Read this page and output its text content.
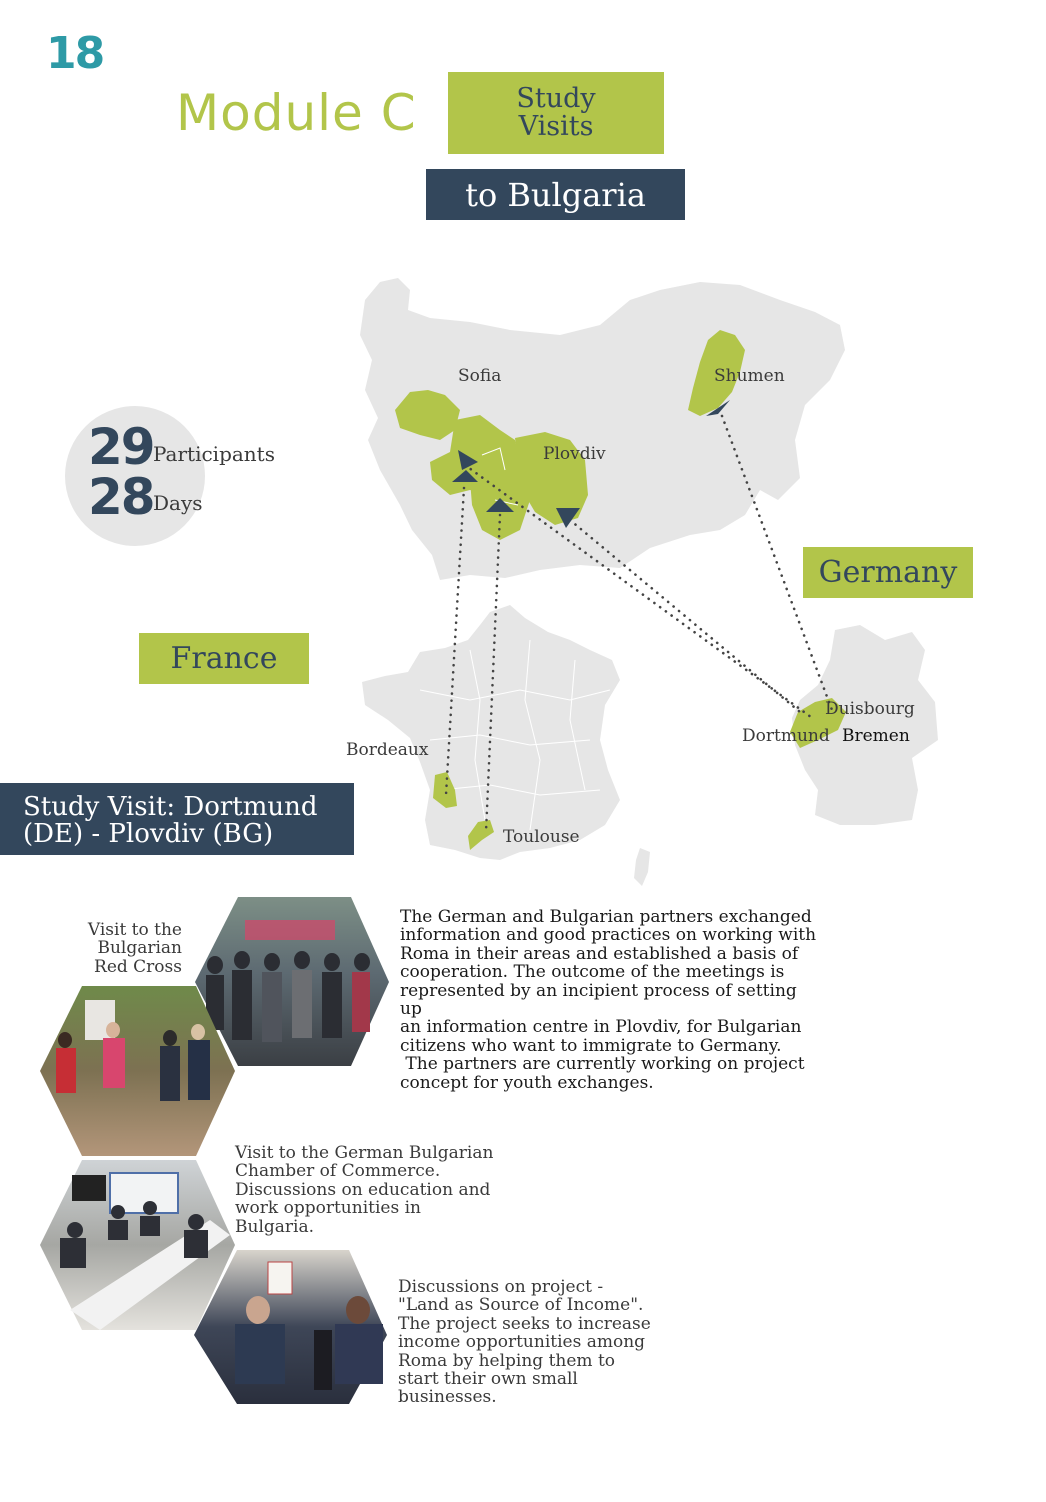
18
Module C	Study
Visits
to Bulgaria
Sofia	Shumen
Plovdiv
Bordeaux
Toulouse
Duisbourg
Dortmund Bremen
Germany
France
29 Participants
28 Days
Study Visit: Dortmund
(DE) - Plovdiv (BG)
Visit to the
Bulgarian
Red Cross
The German and Bulgarian partners exchanged
information and good practices on working with
Roma in their areas and established a basis of
cooperation. The outcome of the meetings is
represented by an incipient process of setting up
an information centre in Plovdiv, for Bulgarian
citizens who want to immigrate to Germany.
The partners are currently working on project
concept for youth exchanges.
Visit to the German Bulgarian
Chamber of Commerce.
Discussions on education and
work opportunities in
Bulgaria.
Discussions on project -
"Land as Source of Income".
The project seeks to increase
income opportunities among
Roma by helping them to
start their own small
businesses.
